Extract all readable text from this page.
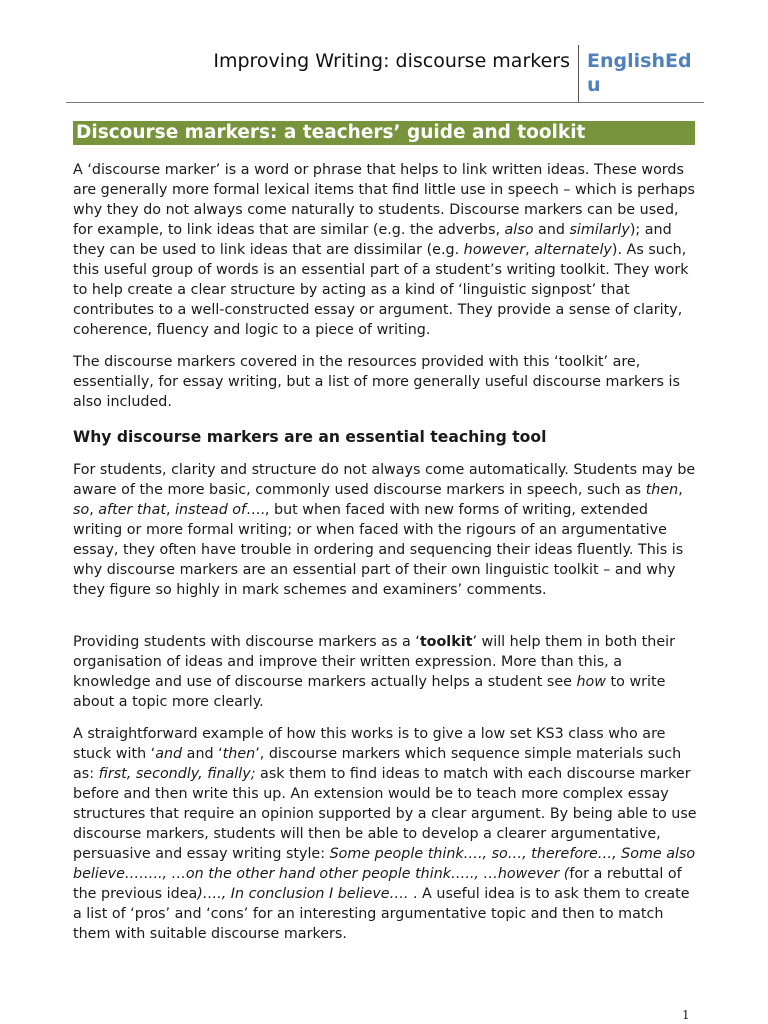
Improving Writing: discourse markers EnglishEdu
Discourse markers: a teachers’ guide and toolkit

A ‘discourse marker’ is a word or phrase that helps to link written ideas. These words are generally more formal lexical items that find little use in speech – which is perhaps why they do not always come naturally to students. Discourse markers can be used, for example, to link ideas that are similar (e.g. the adverbs, also and similarly); and they can be used to link ideas that are dissimilar (e.g. however, alternately). As such, this useful group of words is an essential part of a student’s writing toolkit. They work to help create a clear structure by acting as a kind of ‘linguistic signpost’ that contributes to a well-constructed essay or argument. They provide a sense of clarity, coherence, fluency and logic to a piece of writing.

The discourse markers covered in the resources provided with this ‘toolkit’ are, essentially, for essay writing, but a list of more generally useful discourse markers is also included.

Why discourse markers are an essential teaching tool

For students, clarity and structure do not always come automatically. Students may be aware of the more basic, commonly used discourse markers in speech, such as then, so, after that, instead of…., but when faced with new forms of writing, extended writing or more formal writing; or when faced with the rigours of an argumentative essay, they often have trouble in ordering and sequencing their ideas fluently. This is why discourse markers are an essential part of their own linguistic toolkit – and why they figure so highly in mark schemes and examiners’ comments.

Providing students with discourse markers as a ‘toolkit’ will help them in both their organisation of ideas and improve their written expression. More than this, a knowledge and use of discourse markers actually helps a student see how to write about a topic more clearly.

A straightforward example of how this works is to give a low set KS3 class who are stuck with ‘and and ‘then’, discourse markers which sequence simple materials such as: first, secondly, finally; ask them to find ideas to match with each discourse marker before and then write this up. An extension would be to teach more complex essay structures that require an opinion supported by a clear argument. By being able to use discourse markers, students will then be able to develop a clearer argumentative, persuasive and essay writing style: Some people think…., so…, therefore…, Some also believe…….., …on the other hand other people think….., …however (for a rebuttal of the previous idea)…., In conclusion I believe…. . A useful idea is to ask them to create a list of ‘pros’ and ‘cons’ for an interesting argumentative topic and then to match them with suitable discourse markers.

1
